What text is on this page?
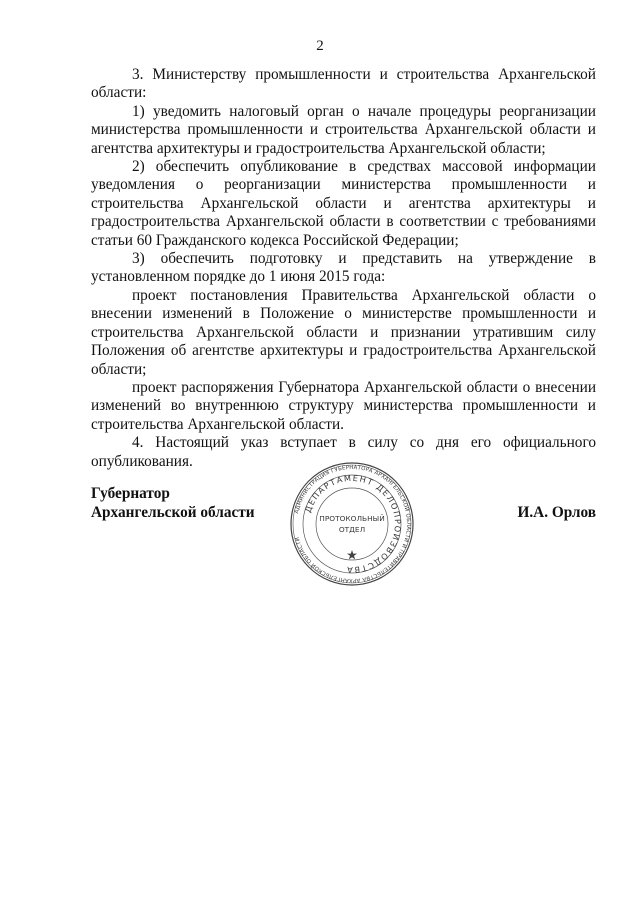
2

3. Министерству промышленности и строительства Архангельской области:

1) уведомить налоговый орган о начале процедуры реорганизации министерства промышленности и строительства Архангельской области и агентства архитектуры и градостроительства Архангельской области;

2) обеспечить опубликование в средствах массовой информации уведомления о реорганизации министерства промышленности и строительства Архангельской области и агентства архитектуры и градостроительства Архангельской области в соответствии с требованиями статьи 60 Гражданского кодекса Российской Федерации;

3) обеспечить подготовку и представить на утверждение в установленном порядке до 1 июня 2015 года:

проект постановления Правительства Архангельской области о внесении изменений в Положение о министерстве промышленности и строительства Архангельской области и признании утратившим силу Положения об агентстве архитектуры и градостроительства Архангельской области;

проект распоряжения Губернатора Архангельской области о внесении изменений во внутреннюю структуру министерства промышленности и строительства Архангельской области.

4. Настоящий указ вступает в силу со дня его официального опубликования.

Губернатор
Архангельской области	АДМИНИСТРАЦИЯ ГУБЕРНАТОРА АРХАНГЕЛЬСКОЙ ОБЛАСТИ И ПРАВИТЕЛЬСТВА АРХАНГЕЛЬСКОЙ ОБЛАСТИ
ДЕПАРТАМЕНТ ДЕЛОПРОИЗВОДСТВА
ПРОТОКОЛЬНЫЙ
ОТДЕЛ
И.А. Орлов
